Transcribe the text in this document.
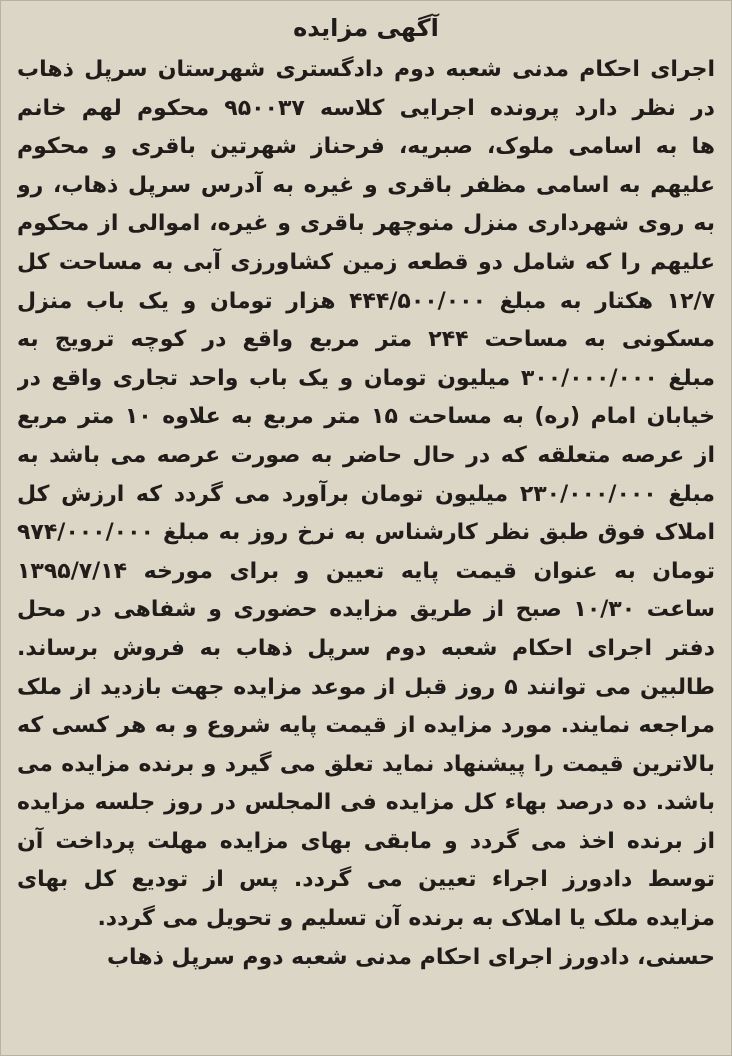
آگهی مزایده
اجرای احکام مدنی شعبه دوم دادگستری شهرستان سرپل ذهاب
در نظر دارد پرونده اجرایی کلاسه ۹۵۰۰۳۷ محکوم لهم خانم
ها به اسامی ملوک، صبریه، فرحناز شهرتین باقری و محکوم
علیهم به اسامی مظفر باقری و غیره به آدرس سرپل ذهاب، رو
به روی شهرداری منزل منوچهر باقری و غیره، اموالی از محکوم
علیهم را که شامل دو قطعه زمین کشاورزی آبی به مساحت کل
۱۲/۷ هکتار به مبلغ ۴۴۴/۵۰۰/۰۰۰ هزار تومان و یک باب منزل
مسکونی به مساحت ۲۴۴ متر مربع واقع در کوچه ترویج به
مبلغ ۳۰۰/۰۰۰/۰۰۰ میلیون تومان و یک باب واحد تجاری واقع در
خیابان امام (ره) به مساحت ۱۵ متر مربع به علاوه ۱۰ متر مربع
از عرصه متعلقه که در حال حاضر به صورت عرصه می باشد به
مبلغ ۲۳۰/۰۰۰/۰۰۰ میلیون تومان برآورد می گردد که ارزش کل
املاک فوق طبق نظر کارشناس به نرخ روز به مبلغ ۹۷۴/۰۰۰/۰۰۰
تومان به عنوان قیمت پایه تعیین و برای مورخه ۱۳۹۵/۷/۱۴
ساعت ۱۰/۳۰ صبح از طریق مزایده حضوری و شفاهی در محل
دفتر اجرای احکام شعبه دوم سرپل ذهاب به فروش برساند.
طالبین می توانند ۵ روز قبل از موعد مزایده جهت بازدید از ملک
مراجعه نمایند. مورد مزایده از قیمت پایه شروع و به هر کسی که
بالاترین قیمت را پیشنهاد نماید تعلق می گیرد و برنده مزایده می
باشد. ده درصد بهاء کل مزایده فی المجلس در روز جلسه مزایده
از برنده اخذ می گردد و مابقی بهای مزایده مهلت پرداخت آن
توسط دادورز اجراء تعیین می گردد. پس از تودیع کل بهای
مزایده ملک یا املاک به برنده آن تسلیم و تحویل می گردد.
حسنی، دادورز اجرای احکام مدنی شعبه دوم سرپل ذهاب
